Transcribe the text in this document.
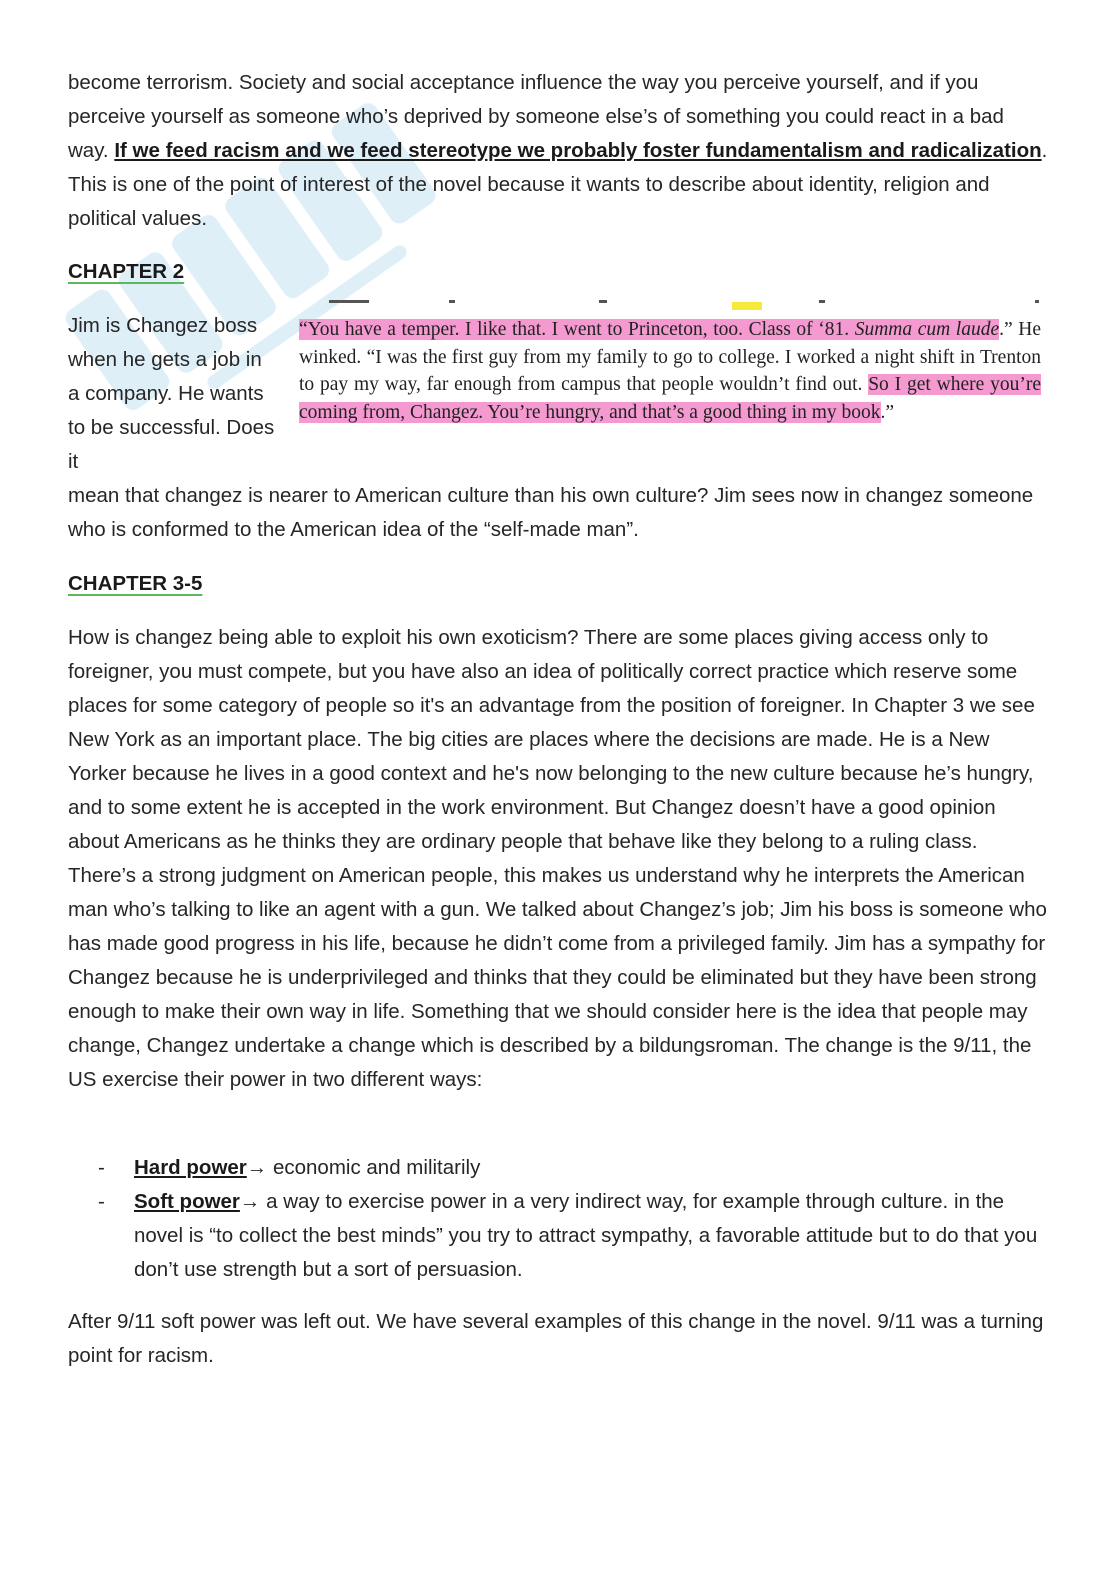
become terrorism. Society and social acceptance influence the way you perceive yourself, and if you perceive yourself as someone who’s deprived by someone else’s of something you could react in a bad way. If we feed racism and we feed stereotype we probably foster fundamentalism and radicalization. This is one of the point of interest of the novel because it wants to describe about identity, religion and political values.

CHAPTER 2

Jim is Changez boss when he gets a job in a company. He wants to be successful. Does it

“You have a temper. I like that. I went to Princeton, too. Class of ‘81. Summa cum laude.” He winked. “I was the first guy from my family to go to college. I worked a night shift in Trenton to pay my way, far enough from campus that people wouldn’t find out. So I get where you’re coming from, Changez. You’re hungry, and that’s a good thing in my book.”

mean that changez is nearer to American culture than his own culture? Jim sees now in changez someone who is conformed to the American idea of the “self-made man”.

CHAPTER 3-5

How is changez being able to exploit his own exoticism? There are some places giving access only to foreigner, you must compete, but you have also an idea of politically correct practice which reserve some places for some category of people so it's an advantage from the position of foreigner. In Chapter 3 we see New York as an important place. The big cities are places where the decisions are made. He is a New Yorker because he lives in a good context and he's now belonging to the new culture because he’s hungry, and to some extent he is accepted in the work environment. But Changez doesn’t have a good opinion about Americans as he thinks they are ordinary people that behave like they belong to a ruling class. There’s a strong judgment on American people, this makes us understand why he interprets the American man who’s talking to like an agent with a gun. We talked about Changez’s job; Jim his boss is someone who has made good progress in his life, because he didn’t come from a privileged family. Jim has a sympathy for Changez because he is underprivileged and thinks that they could be eliminated but they have been strong enough to make their own way in life. Something that we should consider here is the idea that people may change, Changez undertake a change which is described by a bildungsroman. The change is the 9/11, the US exercise their power in two different ways:

- Hard power→ economic and militarily
- Soft power→ a way to exercise power in a very indirect way, for example through culture. in the novel is “to collect the best minds” you try to attract sympathy, a favorable attitude but to do that you don’t use strength but a sort of persuasion.

After 9/11 soft power was left out. We have several examples of this change in the novel. 9/11 was a turning point for racism.
